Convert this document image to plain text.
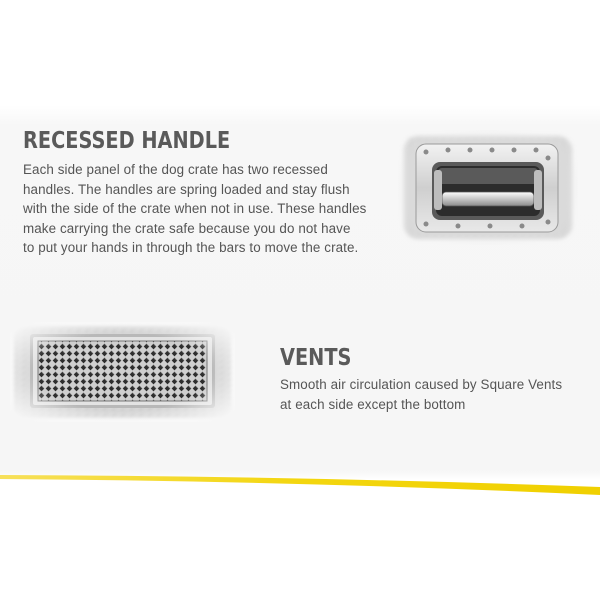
RECESSED HANDLE

Each side panel of the dog crate has two recessed
handles. The handles are spring loaded and stay flush
with the side of the crate when not in use. These handles
make carrying the crate safe because you do not have
to put your hands in through the bars to move the crate.

VENTS

Smooth air circulation caused by Square Vents
at each side except the bottom
